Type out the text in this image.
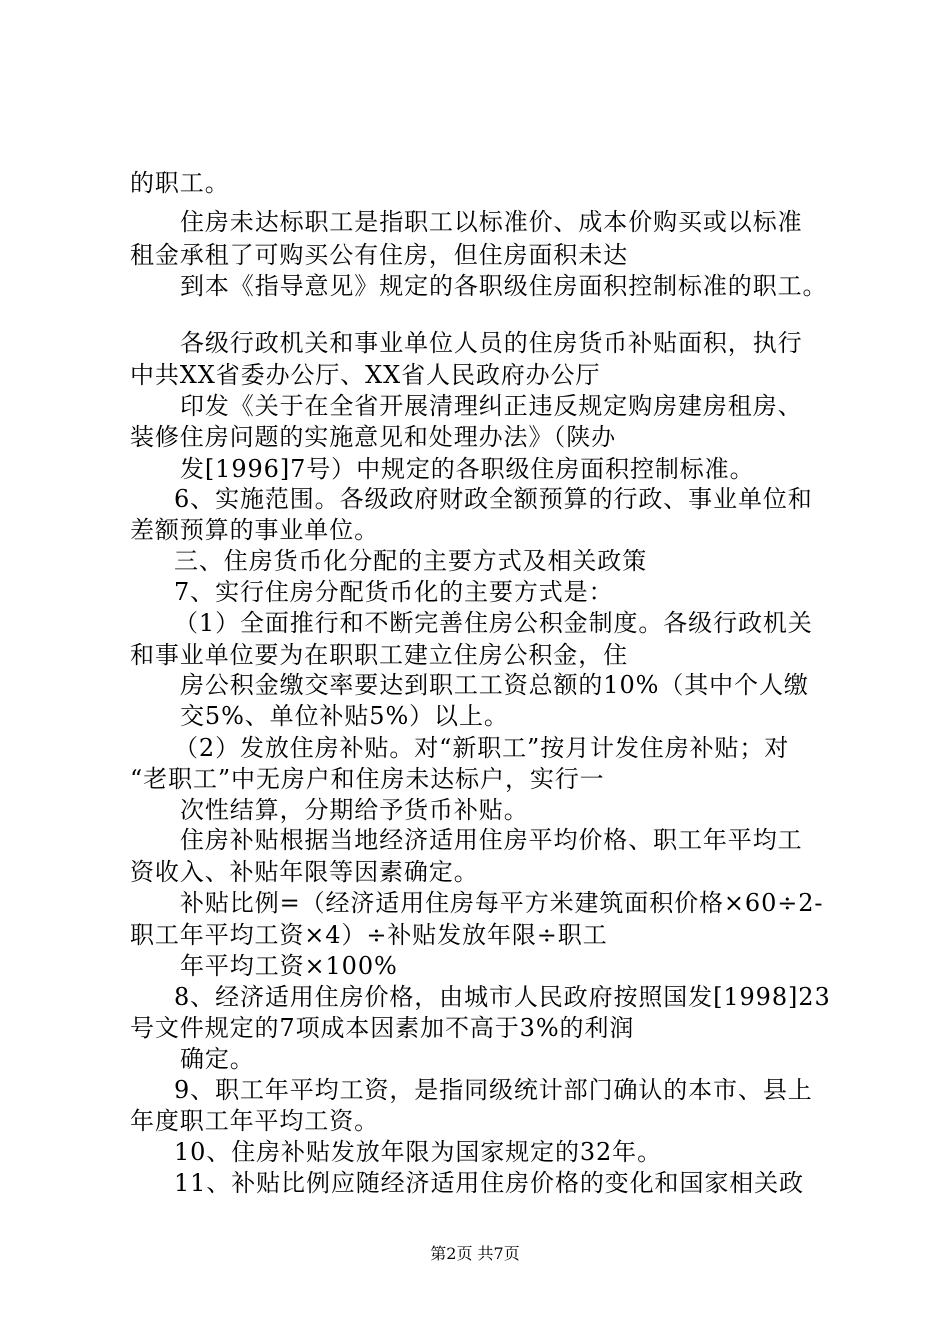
的职工。
住房未达标职工是指职工以标准价、成本价购买或以标准
租金承租了可购买公有住房，但住房面积未达
到本《指导意见》规定的各职级住房面积控制标准的职工。
各级行政机关和事业单位人员的住房货币补贴面积，执行
中共XX省委办公厅、XX省人民政府办公厅
印发《关于在全省开展清理纠正违反规定购房建房租房、
装修住房问题的实施意见和处理办法》（陕办
发[1996]7号）中规定的各职级住房面积控制标准。
6、实施范围。各级政府财政全额预算的行政、事业单位和
差额预算的事业单位。
三、住房货币化分配的主要方式及相关政策
7、实行住房分配货币化的主要方式是：
（1）全面推行和不断完善住房公积金制度。各级行政机关
和事业单位要为在职职工建立住房公积金，住
房公积金缴交率要达到职工工资总额的10%（其中个人缴
交5%、单位补贴5%）以上。
（2）发放住房补贴。对“新职工”按月计发住房补贴；对
“老职工”中无房户和住房未达标户，实行一
次性结算，分期给予货币补贴。
住房补贴根据当地经济适用住房平均价格、职工年平均工
资收入、补贴年限等因素确定。
补贴比例=（经济适用住房每平方米建筑面积价格×60÷2-
职工年平均工资×4）÷补贴发放年限÷职工
年平均工资×100%
8、经济适用住房价格，由城市人民政府按照国发[1998]23
号文件规定的7项成本因素加不高于3%的利润
确定。
9、职工年平均工资，是指同级统计部门确认的本市、县上
年度职工年平均工资。
10、住房补贴发放年限为国家规定的32年。
11、补贴比例应随经济适用住房价格的变化和国家相关政
第2页 共7页
